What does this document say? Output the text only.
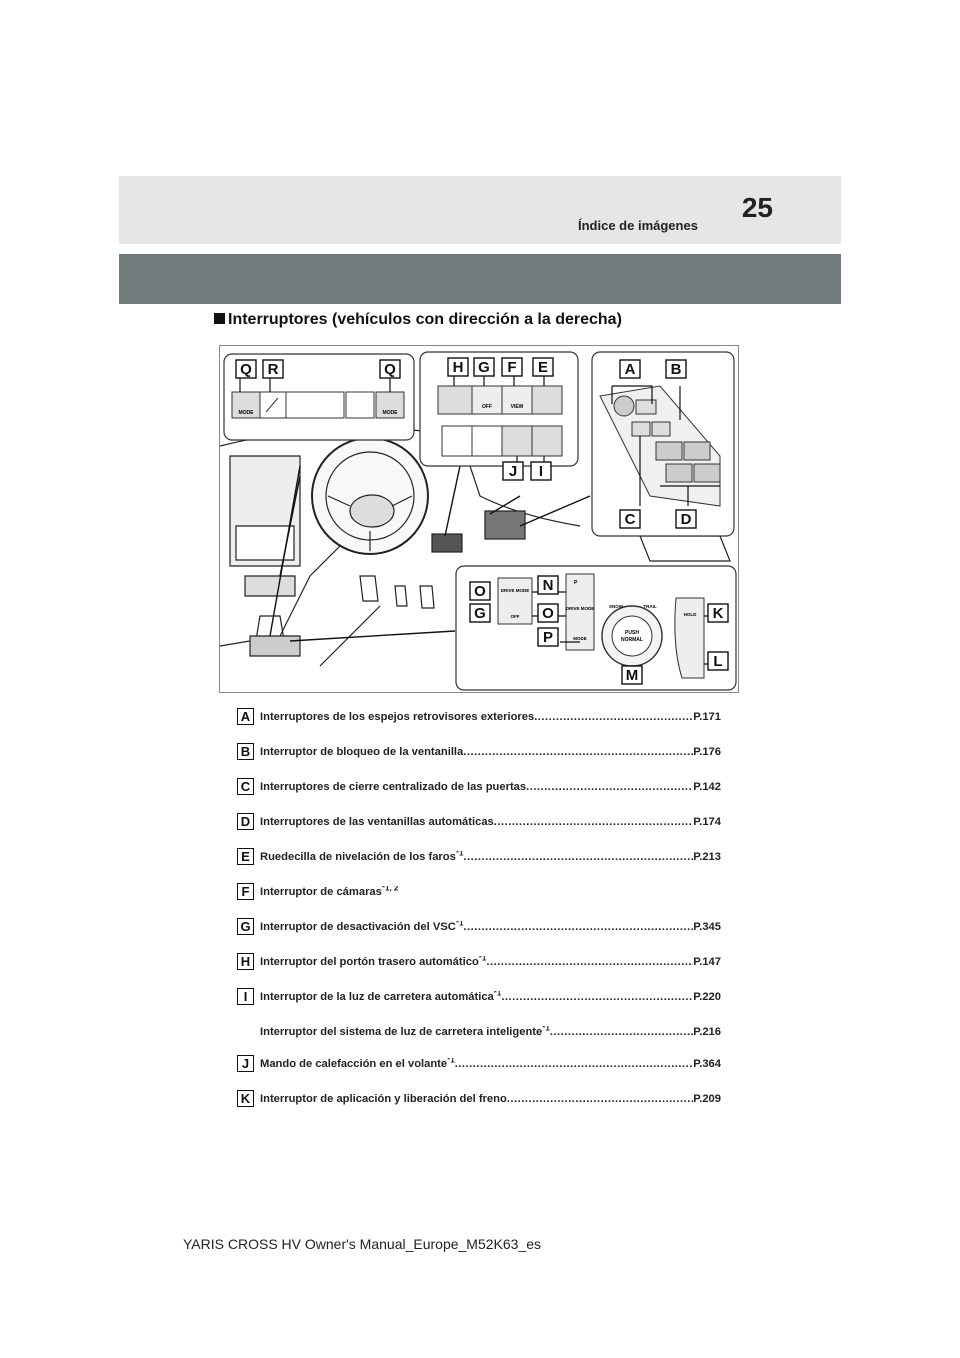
Índice de imágenes
25
Interruptores (vehículos con dirección a la derecha)
MODE	MODE
OFF	VIEW
DRIVE MODE
OFF
P
DRIVE MODE
MODE
PUSH
NORMAL
SNOW	TRAIL
HOLD
Q R	Q	H G F E
J I
A B
C	D
O	N
G	O
P
M
K
L
A Interruptores de los espejos retrovisores exteriores .....	P.171
B Interruptor de bloqueo de la ventanilla .....	P.176
C Interruptores de cierre centralizado de las puertas .....	P.142
D Interruptores de las ventanillas automáticas .....	P.174
E Ruedecilla de nivelación de los faros$^{*1}$ .....	P.213
F Interruptor de cámaras$^{*1, 2}$
G Interruptor de desactivación del VSC$^{*1}$ .....	P.345
H Interruptor del portón trasero automático$^{*1}$ .....	P.147
I	Interruptor de la luz de carretera automática$^{*1}$ .....	P.220
Interruptor del sistema de luz de carretera inteligente$^{*1}$ .....	P.216
J Mando de calefacción en el volante$^{*1}$ .....	P.364
K Interruptor de aplicación y liberación del freno .....	P.209
YARIS CROSS HV Owner's Manual_Europe_M52K63_es
